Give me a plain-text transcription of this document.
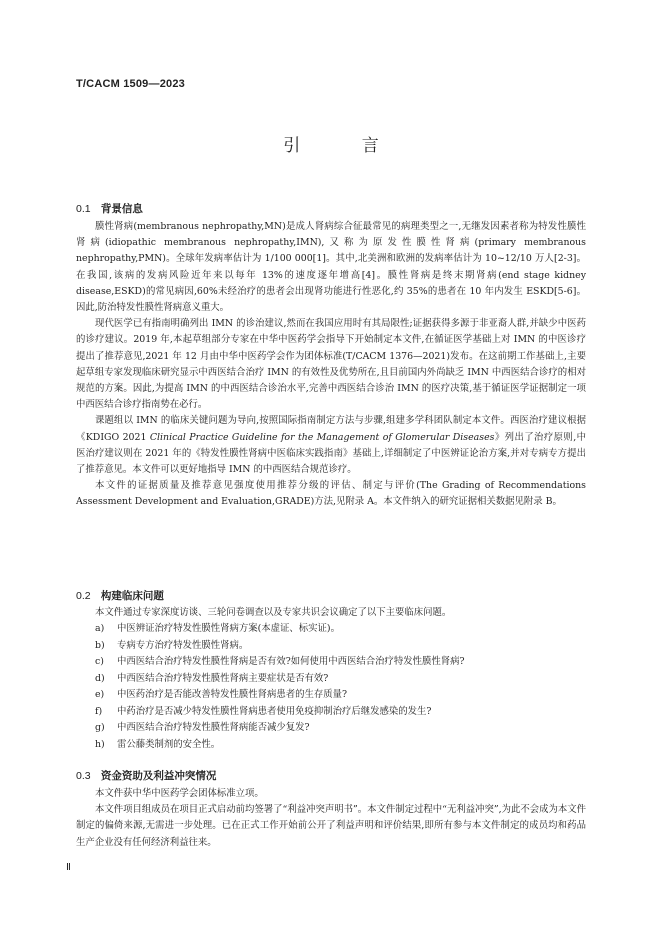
T/CACM 1509—2023
引 言
0.1 背景信息

膜性肾病(membranous nephropathy,MN)是成人肾病综合征最常见的病理类型之一,无继发因素者称为特发性膜性肾病(idiopathic membranous nephropathy,IMN),又称为原发性膜性肾病(primary membranous nephropathy,PMN)。全球年发病率估计为 1/100 000[1]。其中,北美洲和欧洲的发病率估计为 10~12/10 万人[2-3]。在我国,该病的发病风险近年来以每年 13%的速度逐年增高[4]。膜性肾病是终末期肾病(end stage kidney disease,ESKD)的常见病因,60%未经治疗的患者会出现肾功能进行性恶化,约 35%的患者在 10 年内发生 ESKD[5-6]。因此,防治特发性膜性肾病意义重大。

现代医学已有指南明确列出 IMN 的诊治建议,然而在我国应用时有其局限性;证据获得多源于非亚裔人群,并缺少中医药的诊疗建议。2019 年,本起草组部分专家在中华中医药学会指导下开始制定本文件,在循证医学基础上对 IMN 的中医诊疗提出了推荐意见,2021 年 12 月由中华中医药学会作为团体标准(T/CACM 1376—2021)发布。在这前期工作基础上,主要起草组专家发现临床研究显示中西医结合治疗 IMN 的有效性及优势所在,且目前国内外尚缺乏 IMN 中西医结合诊疗的相对规范的方案。因此,为提高 IMN 的中西医结合诊治水平,完善中西医结合诊治 IMN 的医疗决策,基于循证医学证据制定一项中西医结合诊疗指南势在必行。

课题组以 IMN 的临床关键问题为导向,按照国际指南制定方法与步骤,组建多学科团队制定本文件。西医治疗建议根据《KDIGO 2021 Clinical Practice Guideline for the Management of Glomerular Diseases》列出了治疗原则,中医治疗建议则在 2021 年的《特发性膜性肾病中医临床实践指南》基础上,详细制定了中医辨证论治方案,并对专病专方提出了推荐意见。本文件可以更好地指导 IMN 的中西医结合规范诊疗。

本文件的证据质量及推荐意见强度使用推荐分级的评估、制定与评价(The Grading of Recommendations Assessment Development and Evaluation,GRADE)方法,见附录 A。本文件纳入的研究证据相关数据见附录 B。

0.2 构建临床问题

本文件通过专家深度访谈、三轮问卷调查以及专家共识会议确定了以下主要临床问题。

a) 中医辨证治疗特发性膜性肾病方案(本虚证、标实证)。
b) 专病专方治疗特发性膜性肾病。
c) 中西医结合治疗特发性膜性肾病是否有效?如何使用中西医结合治疗特发性膜性肾病?
d) 中西医结合治疗特发性膜性肾病主要症状是否有效?
e) 中医药治疗是否能改善特发性膜性肾病患者的生存质量?
f) 中药治疗是否减少特发性膜性肾病患者使用免疫抑制治疗后继发感染的发生?
g) 中西医结合治疗特发性膜性肾病能否减少复发?
h) 雷公藤类制剂的安全性。
0.3 资金资助及利益冲突情况

本文件获中华中医药学会团体标准立项。

本文件项目组成员在项目正式启动前均签署了“利益冲突声明书”。本文件制定过程中“无利益冲突”,为此不会成为本文件制定的偏倚来源,无需进一步处理。已在正式工作开始前公开了利益声明和评价结果,即所有参与本文件制定的成员均和药品生产企业没有任何经济利益往来。

Ⅱ
